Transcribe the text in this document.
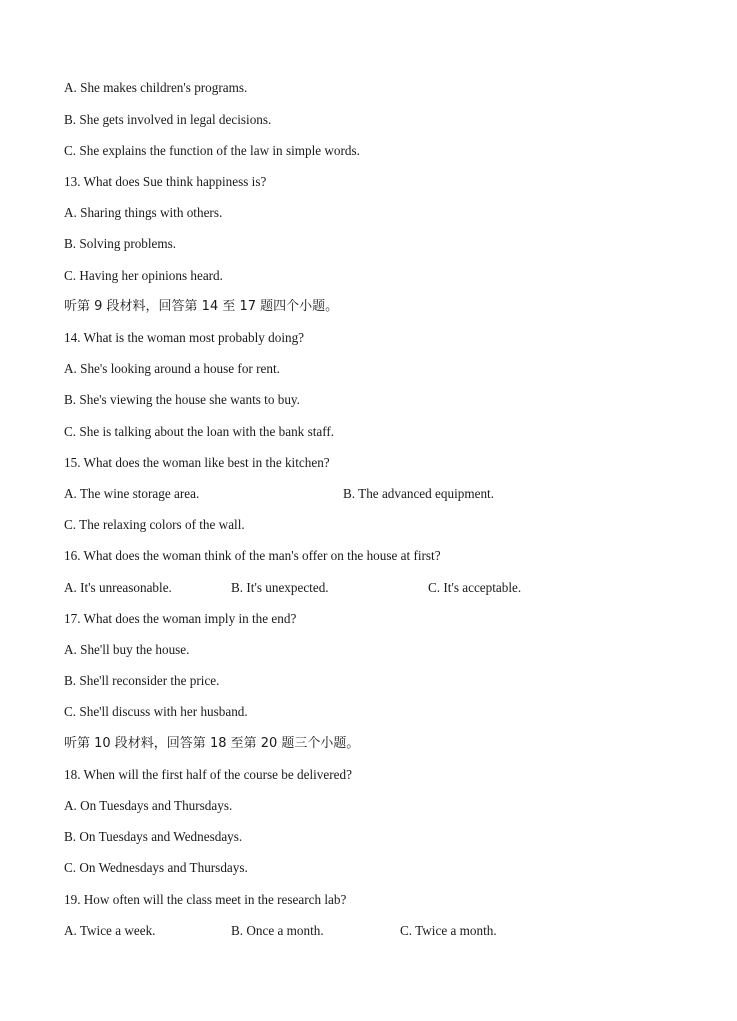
A. She makes children's programs.
B. She gets involved in legal decisions.
C. She explains the function of the law in simple words.
13. What does Sue think happiness is?
A. Sharing things with others.
B. Solving problems.
C. Having her opinions heard.
听第 9 段材料，回答第 14 至 17 题四个小题。
14. What is the woman most probably doing?
A. She's looking around a house for rent.
B. She's viewing the house she wants to buy.
C. She is talking about the loan with the bank staff.
15. What does the woman like best in the kitchen?
A. The wine storage area.	B. The advanced equipment.
C. The relaxing colors of the wall.
16. What does the woman think of the man's offer on the house at first?
A. It's unreasonable.	B. It's unexpected.	C. It's acceptable.
17. What does the woman imply in the end?
A. She'll buy the house.
B. She'll reconsider the price.
C. She'll discuss with her husband.
听第 10 段材料，回答第 18 至第 20 题三个小题。
18. When will the first half of the course be delivered?
A. On Tuesdays and Thursdays.
B. On Tuesdays and Wednesdays.
C. On Wednesdays and Thursdays.
19. How often will the class meet in the research lab?
A. Twice a week.	B. Once a month.	C. Twice a month.
